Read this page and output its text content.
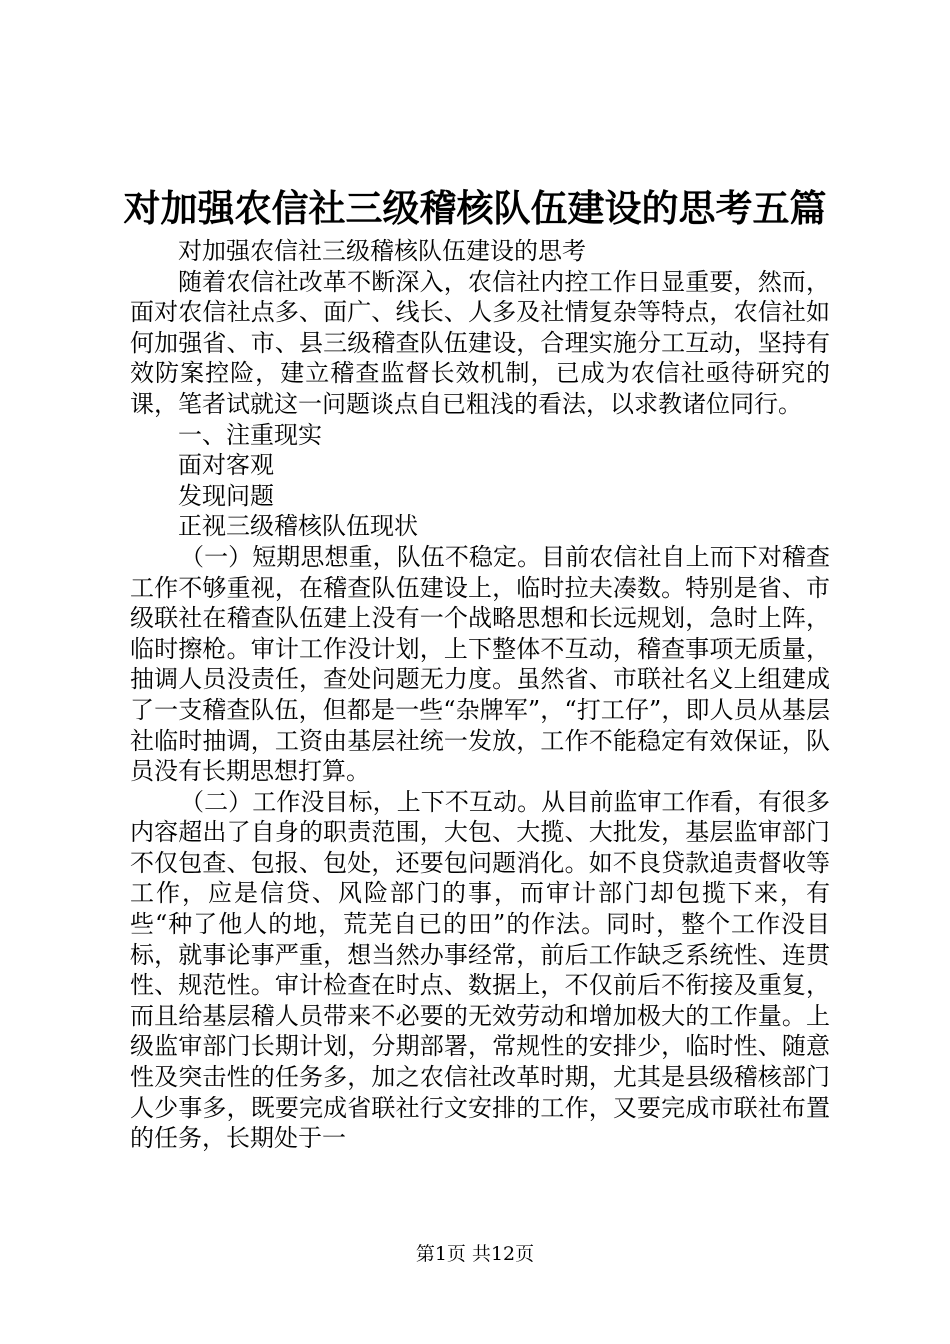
对加强农信社三级稽核队伍建设的思考五篇

对加强农信社三级稽核队伍建设的思考

随着农信社改革不断深入，农信社内控工作日显重要，然而，面对农信社点多、面广、线长、人多及社情复杂等特点，农信社如何加强省、市、县三级稽查队伍建设，合理实施分工互动，坚持有效防案控险，建立稽查监督长效机制，已成为农信社亟待研究的课，笔者试就这一问题谈点自已粗浅的看法，以求教诸位同行。

一、注重现实

面对客观

发现问题

正视三级稽核队伍现状

（一）短期思想重，队伍不稳定。目前农信社自上而下对稽查工作不够重视，在稽查队伍建设上，临时拉夫凑数。特别是省、市级联社在稽查队伍建上没有一个战略思想和长远规划，急时上阵，临时擦枪。审计工作没计划，上下整体不互动，稽查事项无质量，抽调人员没责任，查处问题无力度。虽然省、市联社名义上组建成了一支稽查队伍，但都是一些“杂牌军”，“打工仔”，即人员从基层社临时抽调，工资由基层社统一发放，工作不能稳定有效保证，队员没有长期思想打算。

（二）工作没目标，上下不互动。从目前监审工作看，有很多内容超出了自身的职责范围，大包、大揽、大批发，基层监审部门不仅包查、包报、包处，还要包问题消化。如不良贷款追责督收等工作，应是信贷、风险部门的事，而审计部门却包揽下来，有些“种了他人的地，荒芜自已的田”的作法。同时，整个工作没目标，就事论事严重，想当然办事经常，前后工作缺乏系统性、连贯性、规范性。审计检查在时点、数据上，不仅前后不衔接及重复，而且给基层稽人员带来不必要的无效劳动和增加极大的工作量。上级监审部门长期计划，分期部署，常规性的安排少，临时性、随意性及突击性的任务多，加之农信社改革时期，尤其是县级稽核部门人少事多，既要完成省联社行文安排的工作，又要完成市联社布置的任务，长期处于一

第1页 共12页
